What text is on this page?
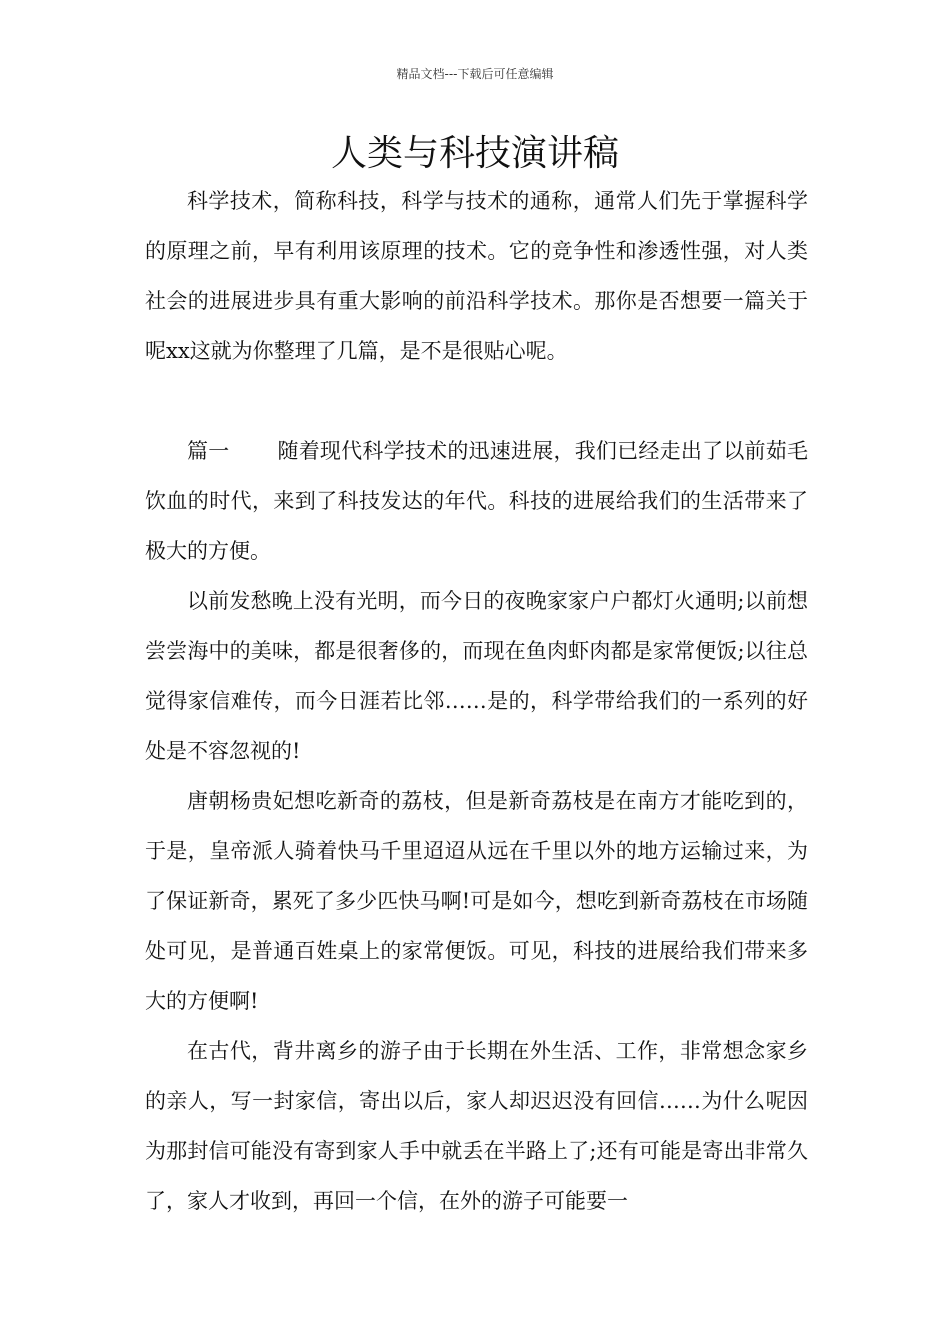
精品文档---下载后可任意编辑
人类与科技演讲稿

科学技术，简称科技，科学与技术的通称，通常人们先于掌握科学的原理之前，早有利用该原理的技术。它的竞争性和渗透性强，对人类社会的进展进步具有重大影响的前沿科学技术。那你是否想要一篇关于呢xx这就为你整理了几篇，是不是很贴心呢。

篇一 随着现代科学技术的迅速进展，我们已经走出了以前茹毛饮血的时代，来到了科技发达的年代。科技的进展给我们的生活带来了极大的方便。

以前发愁晚上没有光明，而今日的夜晚家家户户都灯火通明;以前想尝尝海中的美味，都是很奢侈的，而现在鱼肉虾肉都是家常便饭;以往总觉得家信难传，而今日涯若比邻……是的，科学带给我们的一系列的好处是不容忽视的!

唐朝杨贵妃想吃新奇的荔枝，但是新奇荔枝是在南方才能吃到的，于是，皇帝派人骑着快马千里迢迢从远在千里以外的地方运输过来，为了保证新奇，累死了多少匹快马啊!可是如今，想吃到新奇荔枝在市场随处可见，是普通百姓桌上的家常便饭。可见，科技的进展给我们带来多大的方便啊!

在古代，背井离乡的游子由于长期在外生活、工作，非常想念家乡的亲人，写一封家信，寄出以后，家人却迟迟没有回信……为什么呢因为那封信可能没有寄到家人手中就丢在半路上了;还有可能是寄出非常久了，家人才收到，再回一个信，在外的游子可能要一
